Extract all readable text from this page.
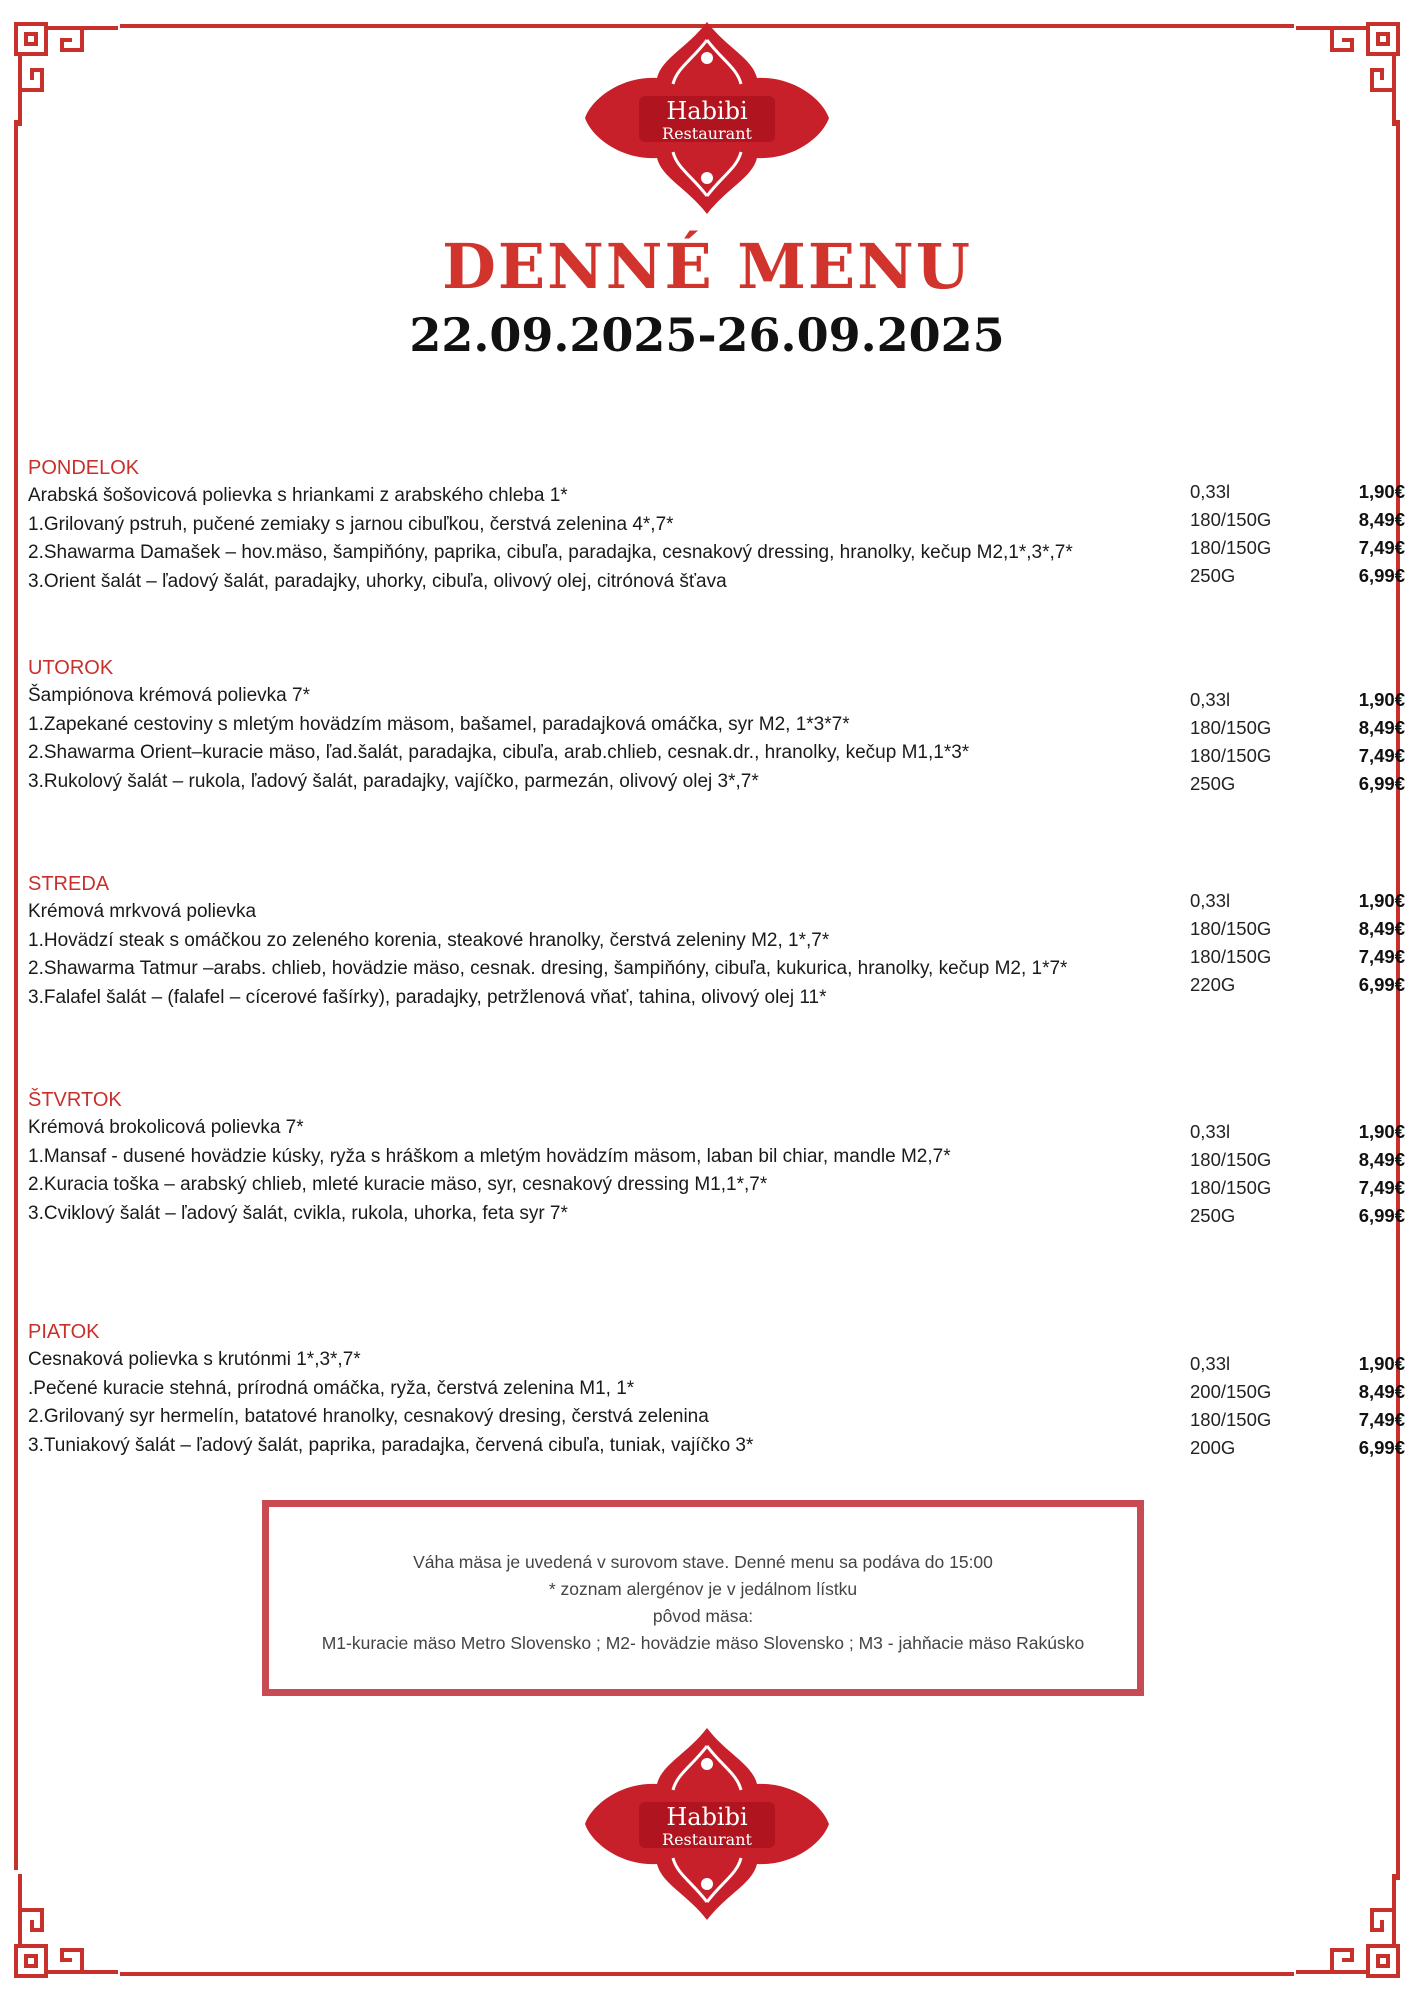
Habibi
Restaurant
DENNÉ MENU
22.09.2025-26.09.2025
PONDELOK
Arabská šošovicová polievka s hriankami z arabského chleba 1*
1.Grilovaný pstruh, pučené zemiaky s jarnou cibuľkou, čerstvá zelenina 4*,7*
2.Shawarma Damašek – hov.mäso, šampiňóny, paprika, cibuľa, paradajka, cesnakový dressing, hranolky, kečup M2,1*,3*,7*
3.Orient šalát – ľadový šalát, paradajky, uhorky, cibuľa, olivový olej, citrónová šťava
0,33l
180/150G
180/150G
250G
1,90€
8,49€
7,49€
6,99€
UTOROK
Šampiónova krémová polievka 7*
1.Zapekané cestoviny s mletým hovädzím mäsom, bašamel, paradajková omáčka, syr M2, 1*3*7*
2.Shawarma Orient–kuracie mäso, ľad.šalát, paradajka, cibuľa, arab.chlieb, cesnak.dr., hranolky, kečup M1,1*3*
3.Rukolový šalát – rukola, ľadový šalát, paradajky, vajíčko, parmezán, olivový olej 3*,7*
0,33l
180/150G
180/150G
250G
1,90€
8,49€
7,49€
6,99€
STREDA
Krémová mrkvová polievka
1.Hovädzí steak s omáčkou zo zeleného korenia, steakové hranolky, čerstvá zeleniny M2, 1*,7*
2.Shawarma Tatmur –arabs. chlieb, hovädzie mäso, cesnak. dresing, šampiňóny, cibuľa, kukurica, hranolky, kečup M2, 1*7*
3.Falafel šalát – (falafel – cícerové fašírky), paradajky, petržlenová vňať, tahina, olivový olej 11*
0,33l
180/150G
180/150G
220G
1,90€
8,49€
7,49€
6,99€
ŠTVRTOK
Krémová brokolicová polievka 7*
1.Mansaf - dusené hovädzie kúsky, ryža s hráškom a mletým hovädzím mäsom, laban bil chiar, mandle M2,7*
2.Kuracia toška – arabský chlieb, mleté kuracie mäso, syr, cesnakový dressing M1,1*,7*
3.Cviklový šalát – ľadový šalát, cvikla, rukola, uhorka, feta syr 7*
0,33l
180/150G
180/150G
250G
1,90€
8,49€
7,49€
6,99€
PIATOK
Cesnaková polievka s krutónmi 1*,3*,7*
.Pečené kuracie stehná, prírodná omáčka, ryža, čerstvá zelenina M1, 1*
2.Grilovaný syr hermelín, batatové hranolky, cesnakový dresing, čerstvá zelenina
3.Tuniakový šalát – ľadový šalát, paprika, paradajka, červená cibuľa, tuniak, vajíčko 3*
0,33l
200/150G
180/150G
200G
1,90€
8,49€
7,49€
6,99€
Váha mäsa je uvedená v surovom stave. Denné menu sa podáva do 15:00
* zoznam alergénov je v jedálnom lístku
pôvod mäsa:
M1-kuracie mäso Metro Slovensko ; M2- hovädzie mäso Slovensko ; M3 - jahňacie mäso Rakúsko
Habibi
Restaurant
